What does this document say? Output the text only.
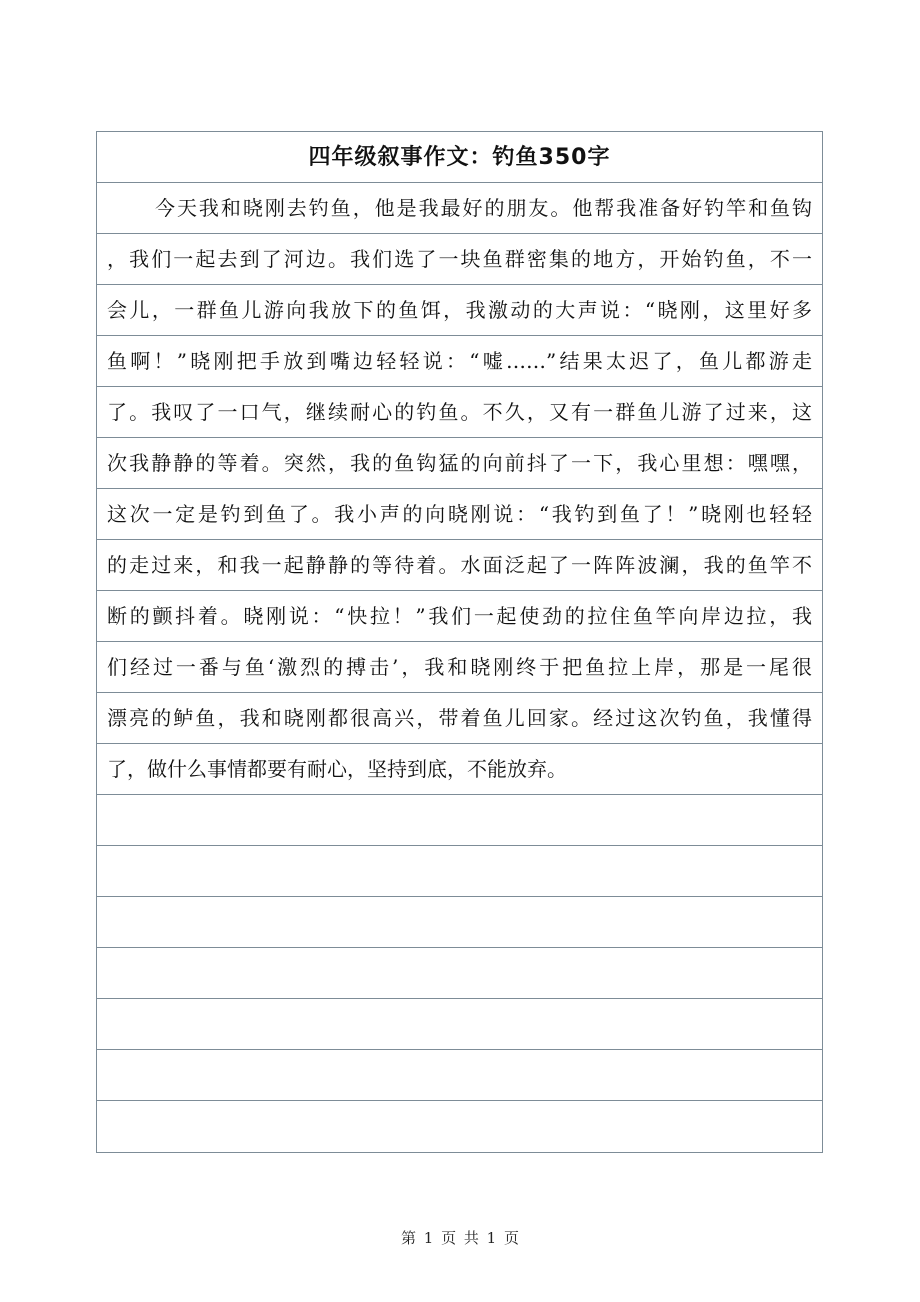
四年级叙事作文：钓鱼350字
今天我和晓刚去钓鱼，他是我最好的朋友。他帮我准备好钓竿和鱼钩
，我们一起去到了河边。我们选了一块鱼群密集的地方，开始钓鱼，不一
会儿，一群鱼儿游向我放下的鱼饵，我激动的大声说：“晓刚，这里好多
鱼啊！”晓刚把手放到嘴边轻轻说：“嘘……”结果太迟了，鱼儿都游走
了。我叹了一口气，继续耐心的钓鱼。不久，又有一群鱼儿游了过来，这
次我静静的等着。突然，我的鱼钩猛的向前抖了一下，我心里想：嘿嘿，
这次一定是钓到鱼了。我小声的向晓刚说：“我钓到鱼了！”晓刚也轻轻
的走过来，和我一起静静的等待着。水面泛起了一阵阵波澜，我的鱼竿不
断的颤抖着。晓刚说：“快拉！”我们一起使劲的拉住鱼竿向岸边拉，我
们经过一番与鱼‘激烈的搏击’，我和晓刚终于把鱼拉上岸，那是一尾很
漂亮的鲈鱼，我和晓刚都很高兴，带着鱼儿回家。经过这次钓鱼，我懂得
了，做什么事情都要有耐心，坚持到底，不能放弃。
第 1 页 共 1 页
